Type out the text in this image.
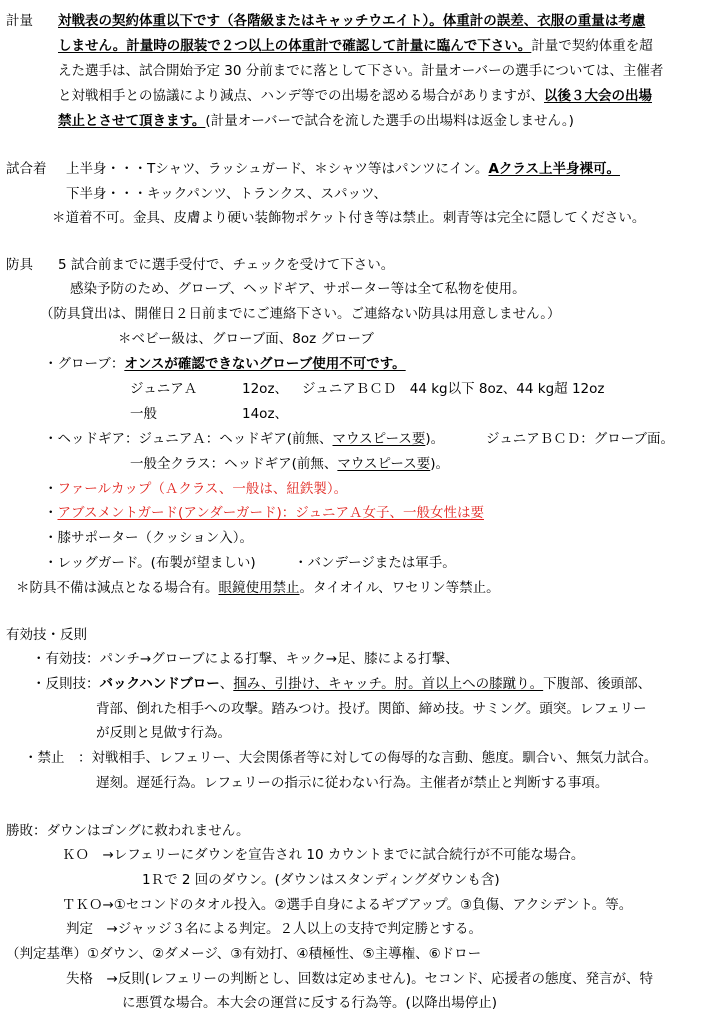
計量 対戦表の契約体重以下です（各階級またはキャッチウエイト）。体重計の誤差、衣服の重量は考慮
しません。計量時の服装で２つ以上の体重計で確認して計量に臨んで下さい。計量で契約体重を超
えた選手は、試合開始予定 30 分前までに落として下さい。計量オーバーの選手については、主催者
と対戦相手との協議により減点、ハンデ等での出場を認める場合がありますが、以後３大会の出場
禁止とさせて頂きます。(計量オーバーで試合を流した選手の出場料は返金しません。)
試合着 上半身・・・Tシャツ、ラッシュガード、＊シャツ等はパンツにイン。Aクラス上半身裸可。
下半身・・・キックパンツ、トランクス、スパッツ、
＊道着不可。金具、皮膚より硬い装飾物ポケット付き等は禁止。刺青等は完全に隠してください。
防具 5 試合前までに選手受付で、チェックを受けて下さい。
感染予防のため、グローブ、ヘッドギア、サポーター等は全て私物を使用。
（防具貸出は、開催日２日前までにご連絡下さい。ご連絡ない防具は用意しません。）
＊ベビー級は、グローブ面、8oz グローブ
・グローブ：オンスが確認できないグローブ使用不可です。
ジュニアＡ	12oz、 ジュニアＢＣＤ　44 kg以下 8oz、44 kg超 12oz
一般	14oz、
・ヘッドギア：ジュニアＡ：ヘッドギア(前無、マウスピース要)。	ジュニアＢＣＤ：グローブ面。
一般全クラス：ヘッドギア(前無、マウスピース要)。
・ファールカップ（Ａクラス、一般は、紐鉄製）。
・アブスメントガード(アンダーガード)：ジュニアＡ女子、一般女性は要
・膝サポーター（クッション入）。
・レッグガード。(布製が望ましい)	・バンデージまたは軍手。
＊防具不備は減点となる場合有。眼鏡使用禁止。タイオイル、ワセリン等禁止。
有効技・反則
・有効技：パンチ→グローブによる打撃、キック→足、膝による打撃、
・反則技：バックハンドブロー、掴み、引掛け、キャッチ。肘。首以上への膝蹴り。下腹部、後頭部、
背部、倒れた相手への攻撃。踏みつけ。投げ。関節、締め技。サミング。頭突。レフェリー
が反則と見做す行為。
・禁止　：対戦相手、レフェリー、大会関係者等に対しての侮辱的な言動、態度。馴合い、無気力試合。
遅刻。遅延行為。レフェリーの指示に従わない行為。主催者が禁止と判断する事項。
勝敗：ダウンはゴングに救われません。
ＫＯ　→レフェリーにダウンを宣告され 10 カウントまでに試合続行が不可能な場合。
1Ｒで 2 回のダウン。(ダウンはスタンディングダウンも含)
ＴＫＯ→①セコンドのタオル投入。②選手自身によるギブアップ。③負傷、アクシデント。等。
判定　→ジャッジ３名による判定。２人以上の支持で判定勝とする。
（判定基準）①ダウン、②ダメージ、③有効打、④積極性、⑤主導権、⑥ドロー
失格　→反則(レフェリーの判断とし、回数は定めません)。セコンド、応援者の態度、発言が、特
に悪質な場合。本大会の運営に反する行為等。(以降出場停止)
